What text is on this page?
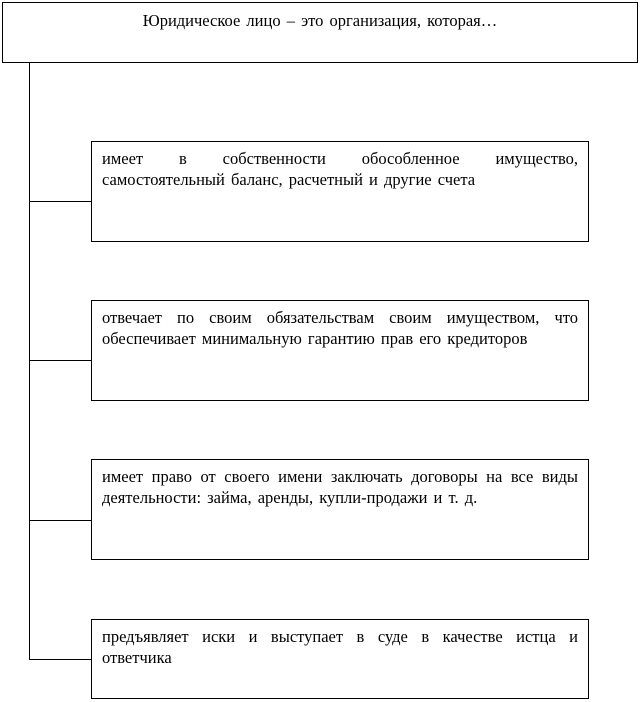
Юридическое лицо – это организация, которая…
имеет в собственности обособленное имущество, самостоятельный баланс, расчетный и другие счета
отвечает по своим обязательствам своим имуществом, что обеспечивает минимальную гарантию прав его кредиторов
имеет право от своего имени заключать договоры на все виды деятельности: займа, аренды, купли-продажи и т. д.
предъявляет иски и выступает в суде в качестве истца и ответчика
